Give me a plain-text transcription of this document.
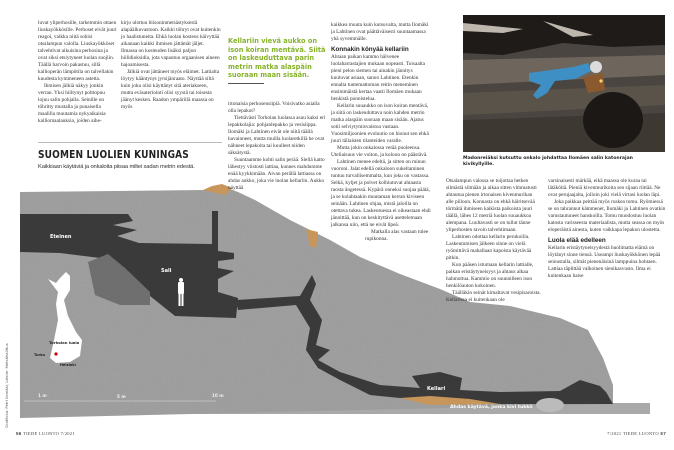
Eteinen
Sali
Kellari
Ahdas käytävä, jonka kivi tukkii
Torholan luola
Turku
Helsinki
1 m	5 m	10 m

luvat yliperhosille, tarkemmin ottaen liuskayökkösille. Perhoset eivät juuri reagoi, vaikka niitä sohisi otsalampun valolla. Liuskayökköset talvehtivat aikuisina perhosina ja ovat siksi etsiytyneet luolan suojiin. Täällä harvoin pakastuu, sillä kallioperän lämpötila on talvellakin kuudesta kymmeneen astetta.

Ihmisen jälkiä näkyy jonkin verran. Yksi hiiltynyt polttopuu lojuu salin pohjalla. Seinille on töhritty mustalla ja punaisella maalilla muutamia nykyaikaisia kalliomaalauksia, joiden aihe-

kirjo ulottuu biisoninmetsästyksestä alapäälkuvastoon. Kaikki töhryt ovat kuitenkin jo haalistuneita. Ehkä luolan kosteus häivyttää aikanaan kaikki ihmisen jättämät jäljet. Ilmassa on kosteuden lisäksi paljon hiilidioksidia, jota vapautuu orgaanisen aineen hajoamisesta.

Jälkiä ovat jättäneet myös eläimet. Lattialta löytyy kääntynyt jyrsijänraato. Näyttää siltä kuin joku olisi käyttänyt sitä ateriakseen, mutta eväsateriointi olisi syystä tai toisesta jäänyt kesken. Raadon ympärillä maassa on myös

Kellariin vievä aukko on ison koiran mentävä. Siitä on laskeuduttava parin metrin matka alaspäin suoraan maan sisään.

irtonaisia perhosensiipiä. Voisivatko asialla olla lepakot?

Tiettävästi Torholan luolassa asuu kaksi eri lepakkolajia: pohjanlepakko ja vesisiippa. Ilomäki ja Lahtinen eivät ole niitä täällä havainneet, mutta muilla luolaretkillä he ovat nähneet lepakoita tai kuulleet niiden säksätystä.

Suuntaamme kohti salin perää. Siellä katto lähestyy viistosti lattiaa, kunnes mahdumme enää kyykkimään. Aivan perällä lattiassa on ahdas aukko, joka vie luolan kellariin. Aukko näyttää

kaikkea muuta kuin kutsuvalta, mutta Ilomäki ja Lahtinen ovat päättäväisesti suuntaamassa yhä syvemmälle.

Konnakin könyää kellariin

Ahtaan paikan kammo hälvenee luolaharrastajien mukaan nopeasti. Toisaalta pieni pelon siemen tai ainakin jännitys kuuluvat asiaan, sanoo Lahtinen. Etenkin ennalta tuntemattoman reitin meneminen ensimmäistä kertaa vaatii Ilomäen mukaan henkistä ponnistelua.

Kellarin suuaukko on ison koiran mentävä, ja siitä on laskeuduttava noin kahden metrin matka alaspäin suoraan maan sisään. Ajatus sotii selviytymisvaistoa vastaan. Vuosimiljoonien evoluutio on hionut sen ehkä juuri tällaisten tilanteiden varalle.

Mutta jokin onkalossa vetää puoleensa. Uteliaisuus vie voiton, ja koloon on päästävä.

Lahtinen menee edeltä, ja sitten on minun vuoroni. Jalat edellä onkaloon sukeltaminen tuntuu turvallisemmalta, kun joku on vastassa. Selkä, kyljet ja polvet kolhiutuvat ahtaasta raosta ängetessä. Kypärä onneksi suojaa päätä, ja se kolahtaakin muutaman kerran kiviseen seinään. Lahtinen ohjaa, mistä jaloilla on otettava tukea. Laskeutuessa ei oikeastaan ehdi jännittää, kun on keskityttävä asettelemaan jalkansa niin, että ne eivät lipeä.

Matkalla alas vastaan tulee rupikonna.

Madonreiäksi kutsuttu onkalo johdattaa Ilomäen salin katonrajan kivikyllyille.

Otsalampun valossa se tuijottaa hetken silmästä silmään ja alkaa sitten vimmatusti ahtautua pienen irtonaisen kivenmurikan alle piiloon. Konnasta on ehkä häiritsevää törmätä ihmiseen kaikista paikoista juuri täällä, lähes 12 metriä luolan suuaukkoa alempana. Luultavasti se on tullut tänne yliperhosten tavoin talvehtimaan.

Lahtinen odottaa kellarin perukoilla. Laskeutumisen jälkeen sinne on vielä ryömittävä mahallaan kapoista käytävää pitkin.

Kun pääsen istumaan kellarin lattialle, paikan eristäytyneisyys ja ahtaus alkaa hahmottua. Kammio on suunnilleen ison henkilöauton kokoinen.

Täälläkin seinät kimaltavat vesipisaroista. Kellarissa ei kuitenkaan ole

varsinaisesti märkää, eikä maassa ole kuraa tai lätäköitä. Pieniä kivenmurikoita sen sijaan riittää. Ne ovat perujaajalta, jolloin joki vielä virtasi luolan läpi.

Joka paikkaa peittää myös ruskea tomu. Ryömiessä se on tahrannut kämmenet, Ilomäki ja Lahtinen ovatkin varustautuneet hanskoilla. Tomu muodostuu luolan katosta varisseesta materiaalista, mutta seassa on myös eloperäistä ainesta, kuten vaikkapa lepakon ulostetta.

Luola elää edelleen

Kellarin eristäytyneisyydestä huolimatta elämä on löytänyt sinne tiensä. Useampi liuskayökkönen lepää seinustalla, silmät pienenäisinä lamppuina hohtaen. Lattiaa täplittää valkoinen sienikasvusto. Ilma ei kuitenkaan haise

SUOMEN LUOLIEN KUNINGAS
Kaikkiaan käytäviä ja onkaloita piisaa miltei sadan metrin edestä.
Grafiikka: Petri Ilomäki, Lähde: Metsähallitus
56 TIEDE LUONTO 7/2021	7/2021 TIEDE LUONTO 57
